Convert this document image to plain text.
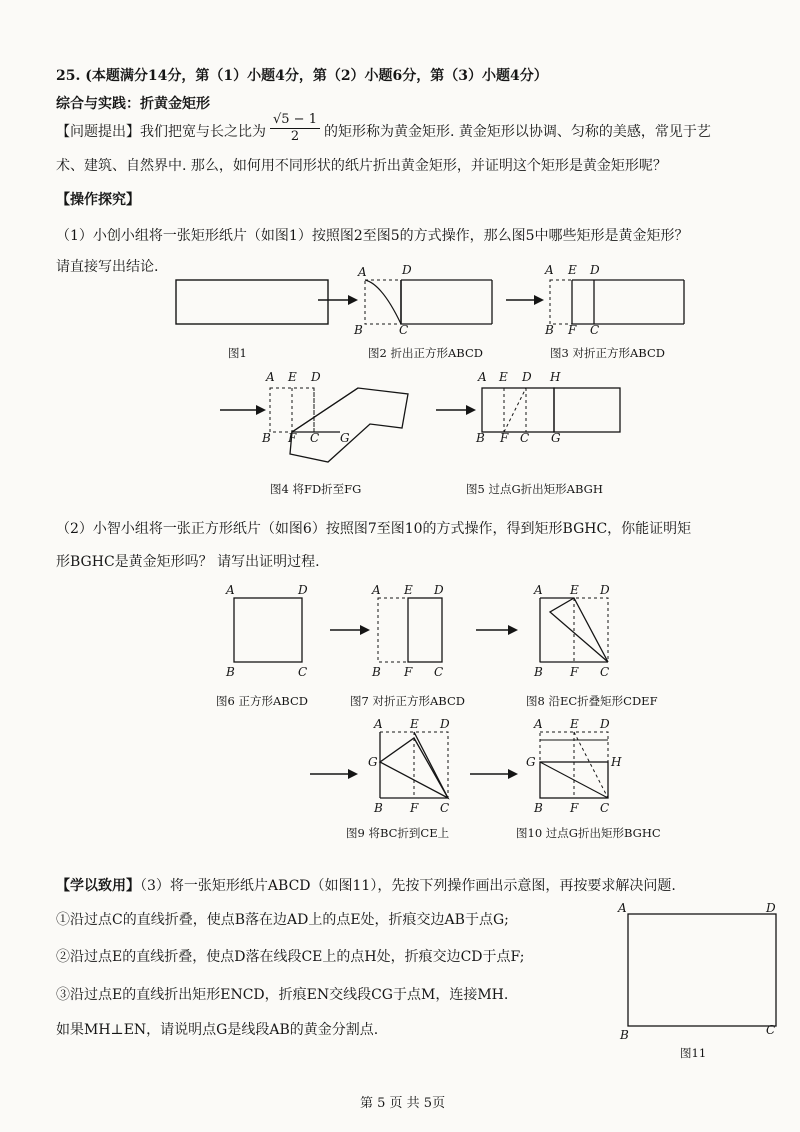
25. (本题满分14分，第（1）小题4分，第（2）小题6分，第（3）小题4分）
综合与实践：折黄金矩形
【问题提出】我们把宽与长之比为 $\frac{√5 - 1}{2}$ 的矩形称为黄金矩形. 黄金矩形以协调、匀称的美感，常见于艺
术、建筑、自然界中. 那么，如何用不同形状的纸片折出黄金矩形，并证明这个矩形是黄金矩形呢？
【操作探究】
（1）小创小组将一张矩形纸片（如图1）按照图2至图5的方式操作，那么图5中哪些矩形是黄金矩形？
请直接写出结论.	A	D
B	C
A E D
B F C
图1	图2 折出正方形ABCD	图3 对折正方形ABCD
A E D
B F C G
A E D H
B F C G
图4 将FD折至FG	图5 过点G折出矩形ABGH
（2）小智小组将一张正方形纸片（如图6）按照图7至图10的方式操作，得到矩形BGHC，你能证明矩
形BGHC是黄金矩形吗？ 请写出证明过程.
A	D
B	C
A E D
B F C
A E D
B F C
图6 正方形ABCD	图7 对折正方形ABCD	图8 沿EC折叠矩形CDEF
A E D
G
B F C
A E D
G	H
B F C
图9 将BC折到CE上	图10 过点G折出矩形BGHC
【学以致用】（3）将一张矩形纸片ABCD（如图11），先按下列操作画出示意图，再按要求解决问题.
①沿过点C的直线折叠，使点B落在边AD上的点E处，折痕交边AB于点G;
②沿过点E的直线折叠，使点D落在线段CE上的点H处，折痕交边CD于点F;
③沿过点E的直线折出矩形ENCD，折痕EN交线段CG于点M，连接MH.
如果MH⊥EN，请说明点G是线段AB的黄金分割点.
A	D
B	C
图11
第 5 页 共 5页
